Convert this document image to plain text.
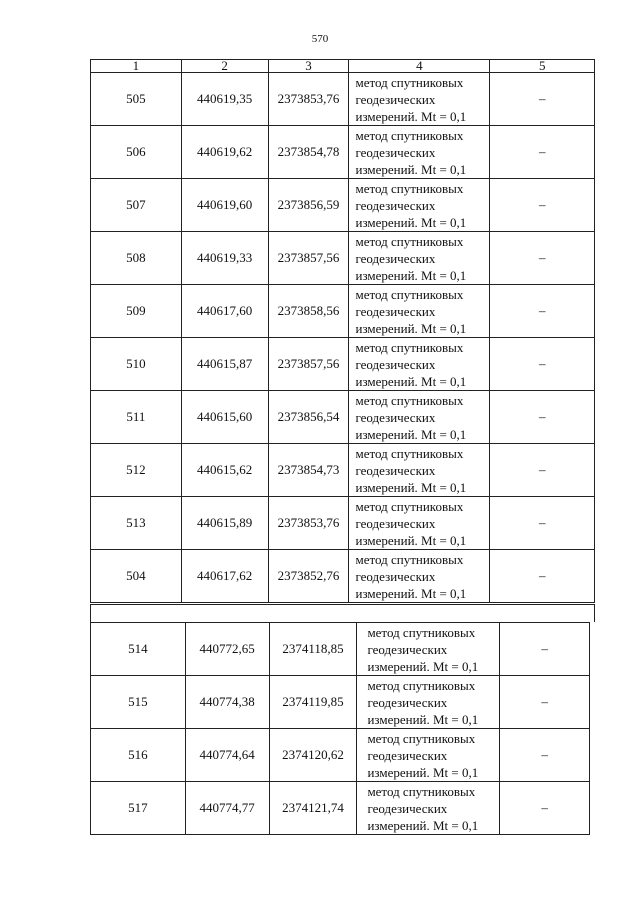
570
1	2	3	4	5
505	440619,35	2373853,76	метод спутниковых
геодезических
измерений. Mt = 0,1	–
506	440619,62	2373854,78	метод спутниковых
геодезических
измерений. Mt = 0,1	–
507	440619,60	2373856,59	метод спутниковых
геодезических
измерений. Mt = 0,1	–
508	440619,33	2373857,56	метод спутниковых
геодезических
измерений. Mt = 0,1	–
509	440617,60	2373858,56	метод спутниковых
геодезических
измерений. Mt = 0,1	–
510	440615,87	2373857,56	метод спутниковых
геодезических
измерений. Mt = 0,1	–
511	440615,60	2373856,54	метод спутниковых
геодезических
измерений. Mt = 0,1	–
512	440615,62	2373854,73	метод спутниковых
геодезических
измерений. Mt = 0,1	–
513	440615,89	2373853,76	метод спутниковых
геодезических
измерений. Mt = 0,1	–
504	440617,62	2373852,76	метод спутниковых
геодезических
измерений. Mt = 0,1	–
514	440772,65	2374118,85	метод спутниковых
геодезических
измерений. Mt = 0,1	–
515	440774,38	2374119,85	метод спутниковых
геодезических
измерений. Mt = 0,1	–
516	440774,64	2374120,62	метод спутниковых
геодезических
измерений. Mt = 0,1	–
517	440774,77	2374121,74	метод спутниковых
геодезических
измерений. Mt = 0,1	–
